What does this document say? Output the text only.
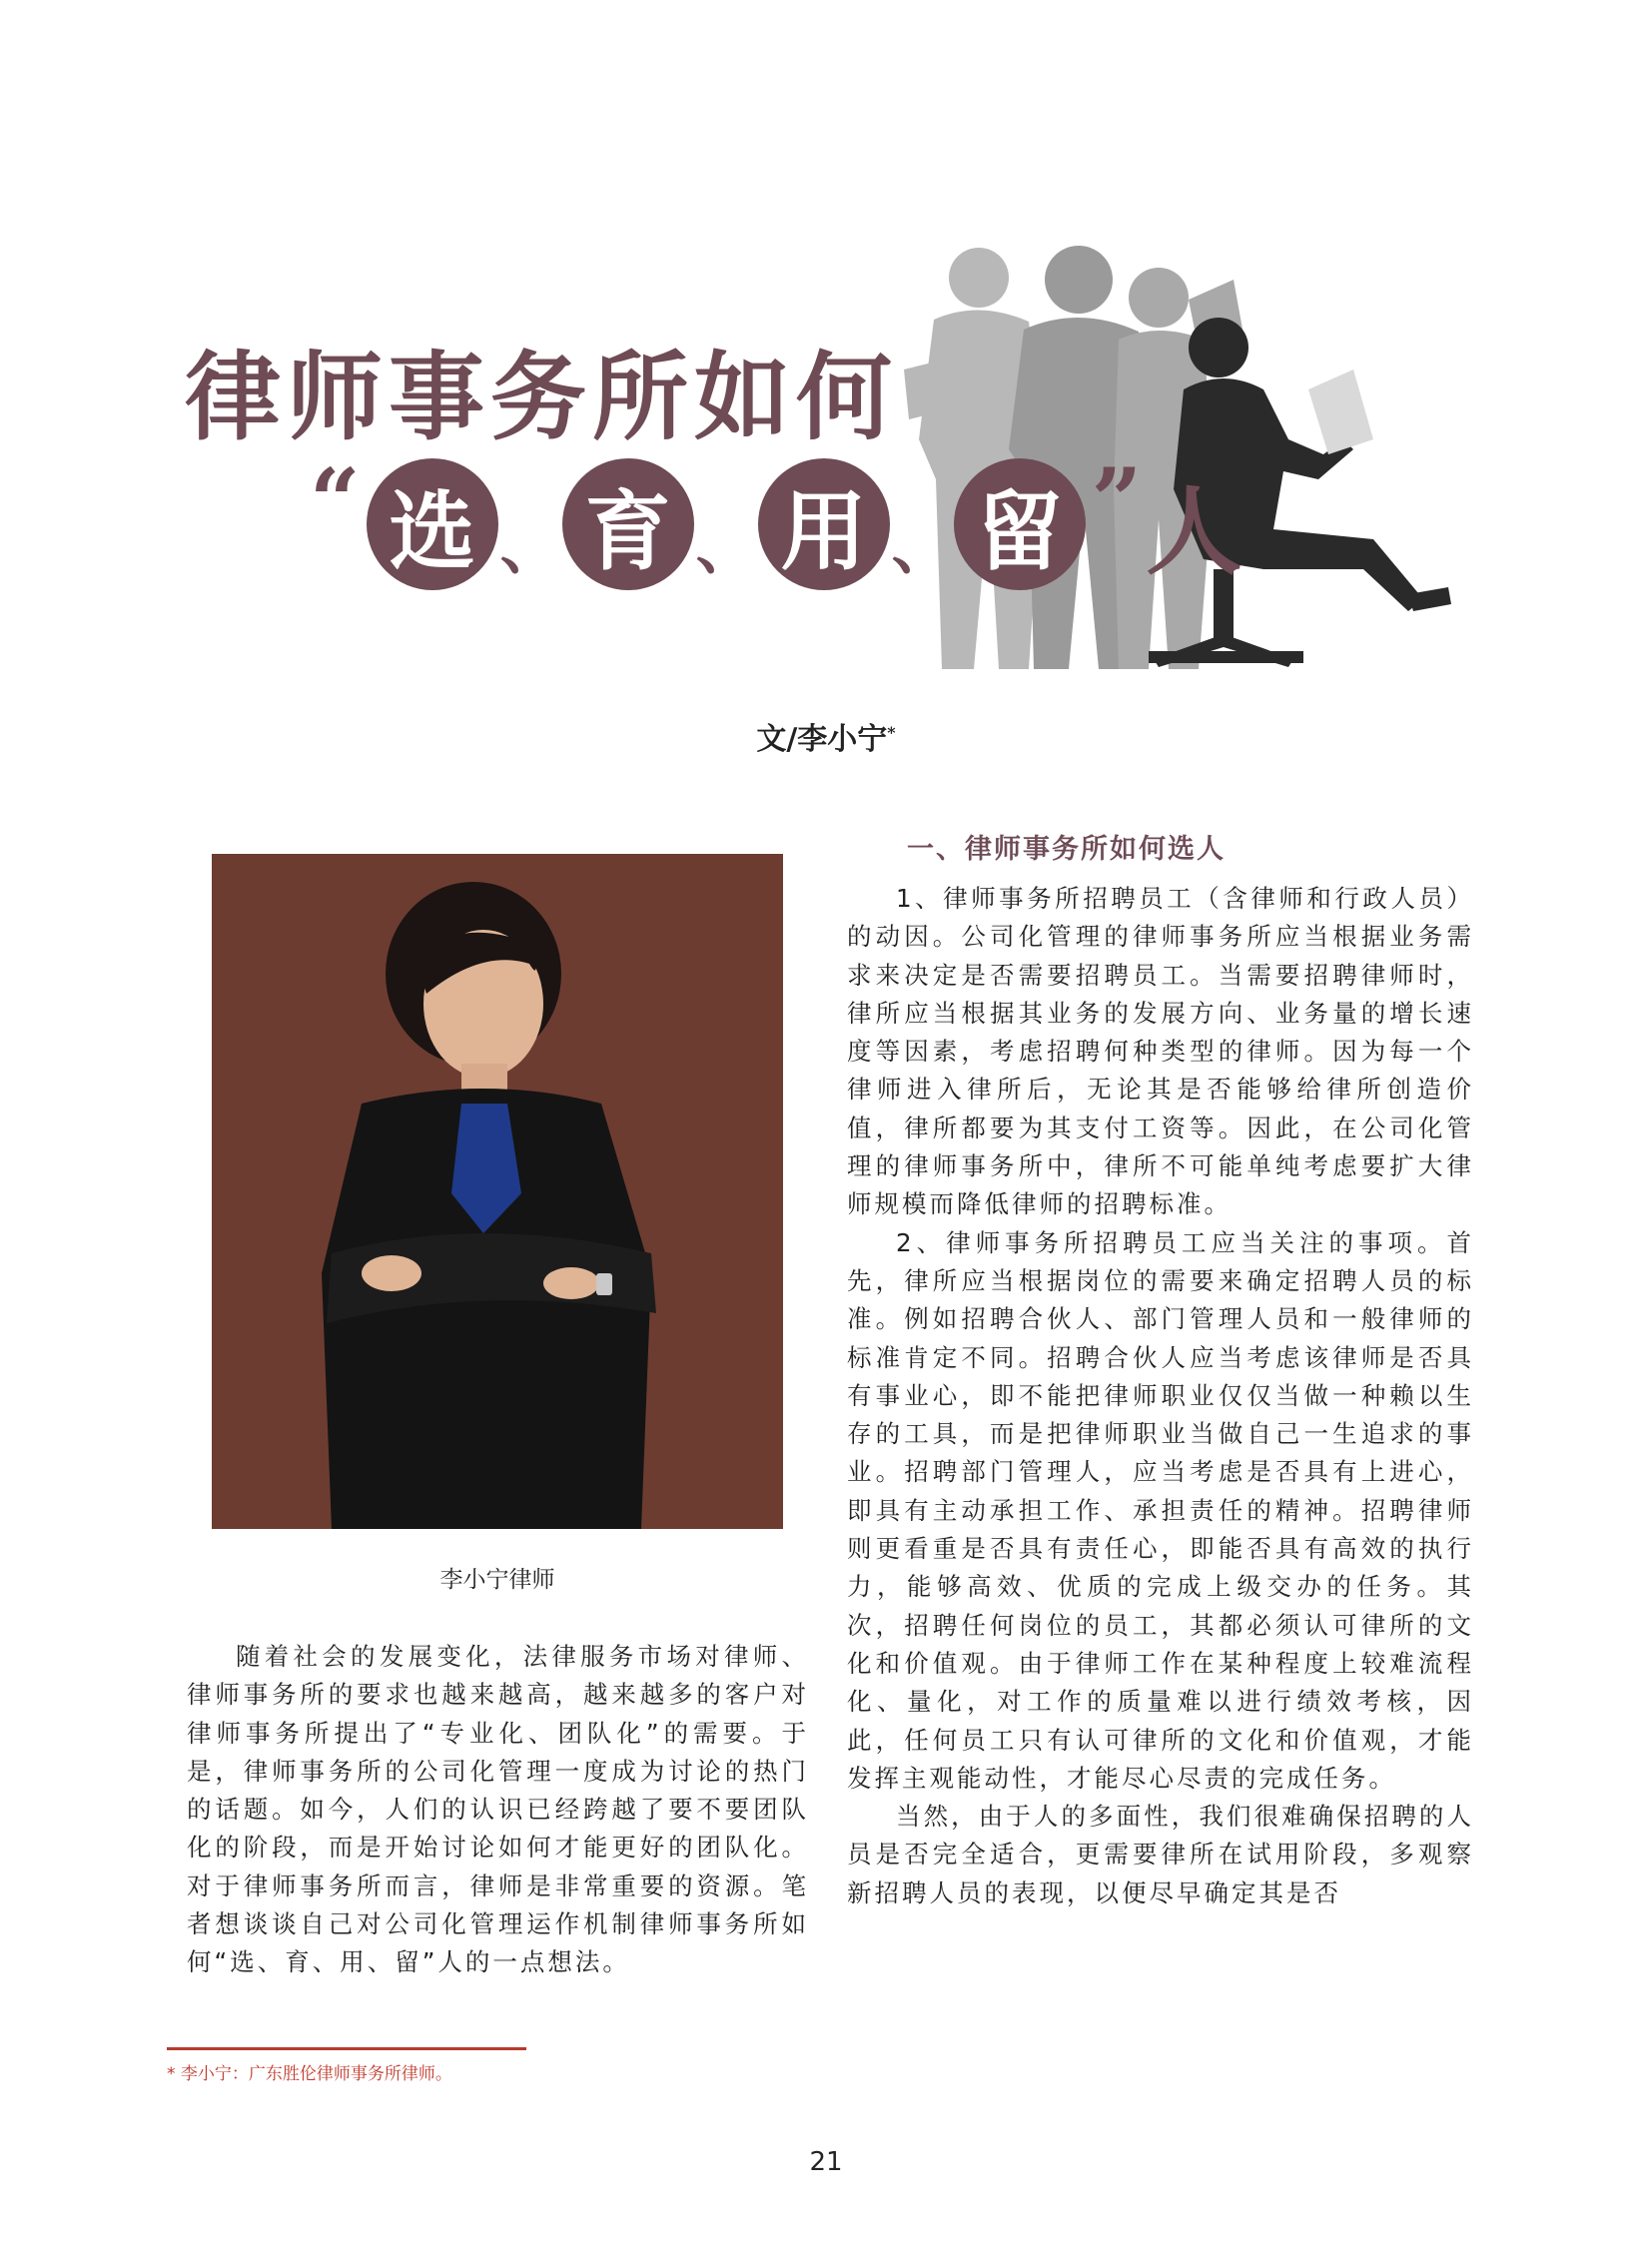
律师事务所如何
“ 选 、 育 、 用 、 留 ” 人
文/李小宁*
李小宁律师

随着社会的发展变化，法律服务市场对律师、律师事务所的要求也越来越高，越来越多的客户对律师事务所提出了“专业化、团队化”的需要。于是，律师事务所的公司化管理一度成为讨论的热门的话题。如今，人们的认识已经跨越了要不要团队化的阶段，而是开始讨论如何才能更好的团队化。对于律师事务所而言，律师是非常重要的资源。笔者想谈谈自己对公司化管理运作机制律师事务所如何“选、育、用、留”人的一点想法。

* 李小宁：广东胜伦律师事务所律师。
一、律师事务所如何选人

1、律师事务所招聘员工（含律师和行政人员）的动因。公司化管理的律师事务所应当根据业务需求来决定是否需要招聘员工。当需要招聘律师时，律所应当根据其业务的发展方向、业务量的增长速度等因素，考虑招聘何种类型的律师。因为每一个律师进入律所后，无论其是否能够给律所创造价值，律所都要为其支付工资等。因此，在公司化管理的律师事务所中，律所不可能单纯考虑要扩大律师规模而降低律师的招聘标准。

2、律师事务所招聘员工应当关注的事项。首先，律所应当根据岗位的需要来确定招聘人员的标准。例如招聘合伙人、部门管理人员和一般律师的标准肯定不同。招聘合伙人应当考虑该律师是否具有事业心，即不能把律师职业仅仅当做一种赖以生存的工具，而是把律师职业当做自己一生追求的事业。招聘部门管理人，应当考虑是否具有上进心，即具有主动承担工作、承担责任的精神。招聘律师则更看重是否具有责任心，即能否具有高效的执行力，能够高效、优质的完成上级交办的任务。其次，招聘任何岗位的员工，其都必须认可律所的文化和价值观。由于律师工作在某种程度上较难流程化、量化，对工作的质量难以进行绩效考核，因此，任何员工只有认可律所的文化和价值观，才能发挥主观能动性，才能尽心尽责的完成任务。

当然，由于人的多面性，我们很难确保招聘的人员是否完全适合，更需要律所在试用阶段，多观察新招聘人员的表现，以便尽早确定其是否

21
